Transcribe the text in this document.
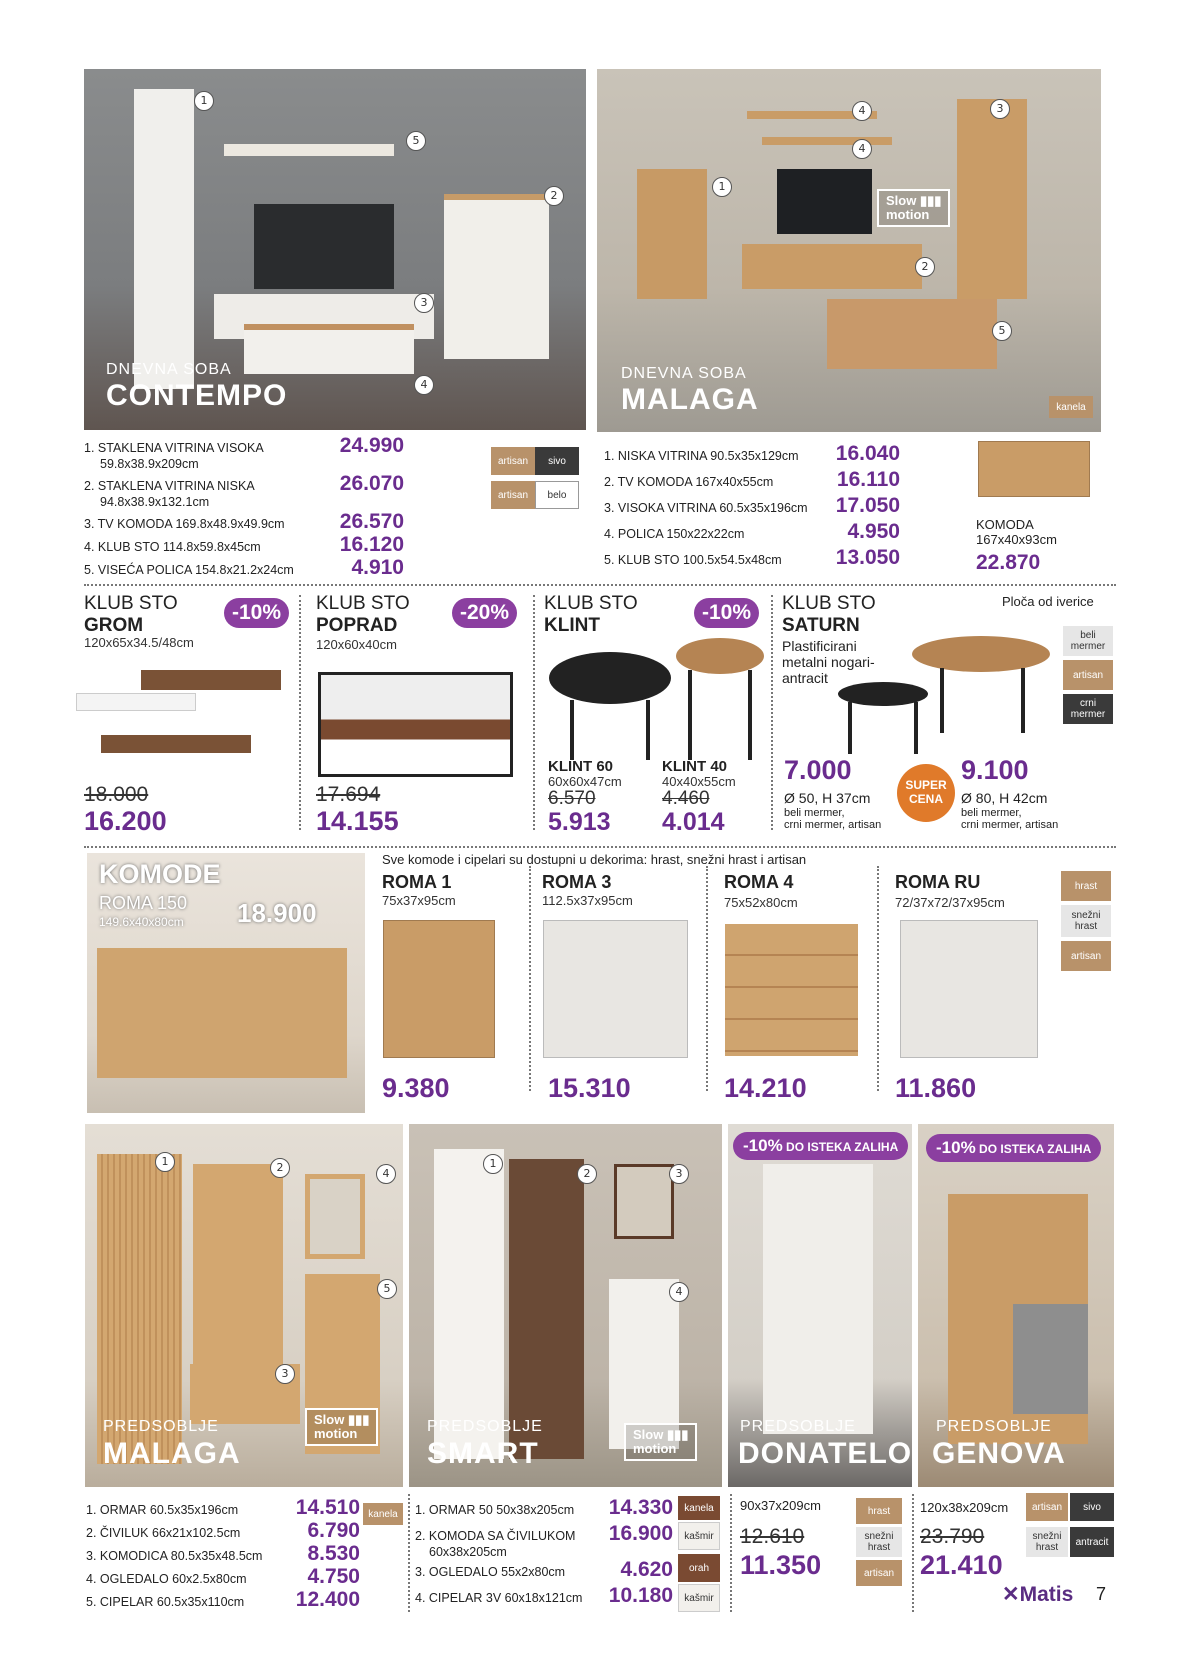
1
5
2
3
4
DNEVNA SOBA
CONTEMPO
4
4
3
1
2
5
Slow ▮▮▮
motion
DNEVNA SOBA
MALAGA	kanela
1. STAKLENA VITRINA VISOKA
59.8x38.9x209cm
24.990
2. STAKLENA VITRINA NISKA
94.8x38.9x132.1cm
26.070
3. TV KOMODA 169.8x48.9x49.9cm	26.570
4. KLUB STO 114.8x59.8x45cm	16.120
5. VISEĆA POLICA 154.8x21.2x24cm	4.910
artisan	sivo
artisan	belo
1. NISKA VITRINA 90.5x35x129cm 16.040
2. TV KOMODA 167x40x55cm	16.110
3. VISOKA VITRINA 60.5x35x196cm 17.050
4. POLICA 150x22x22cm	4.950
5. KLUB STO 100.5x54.5x48cm	13.050
KOMODA
167x40x93cm
22.870
KLUB STO
GROM
120x65x34.5/48cm
-10%
18.000
16.200
KLUB STO
POPRAD
120x60x40cm
-20%
17.694
14.155
KLUB STO
KLINT
-10%
KLINT 60
60x60x47cm
6.570
5.913
KLINT 40
40x40x55cm
4.460
4.014
KLUB STO
SATURN
Plastificirani
metalni nogari-
antracit
Ploča od iverice
beli mermer
artisan
crni mermer
7.000
Ø 50, H 37cm
beli mermer,
crni mermer, artisan
SUPER
CENA
9.100
Ø 80, H 42cm
beli mermer,
crni mermer, artisan
Sve komode i cipelari su dostupni u dekorima: hrast, snežni hrast i artisan
KOMODE
ROMA 150
149.6x40x80cm 18.900
ROMA 1
75x37x95cm
9.380
ROMA 3
112.5x37x95cm
15.310
ROMA 4
75x52x80cm
14.210
ROMA RU
72/37x72/37x95cm
11.860
hrast
snežni hrast
artisan
1	2	4
5
3
Slow ▮▮▮
motion
PREDSOBLJE
MALAGA
1
2	3
4
Slow ▮▮▮
motion
PREDSOBLJE
SMART
-10% DO ISTEKA ZALIHA
PREDSOBLJE
DONATELO
-10% DO ISTEKA ZALIHA
PREDSOBLJE
GENOVA
1. ORMAR 60.5x35x196cm	14.510
2. ČIVILUK 66x21x102.5cm	6.790
3. KOMODICA 80.5x35x48.5cm 8.530
4. OGLEDALO 60x2.5x80cm	4.750
5. CIPELAR 60.5x35x110cm 12.400
kanela	1. ORMAR 50 50x38x205cm 14.330
2. KOMODA SA ČIVILUKOM
60x38x205cm
16.900
3. OGLEDALO 55x2x80cm	4.620
4. CIPELAR 3V 60x18x121cm 10.180
kanela
kašmir
orah
kašmir
90x37x209cm
12.610
11.350
hrast
snežni hrast
artisan
120x38x209cm
23.790
21.410
artisan	sivo
snežni hrast	antracit
✕Matis 7
